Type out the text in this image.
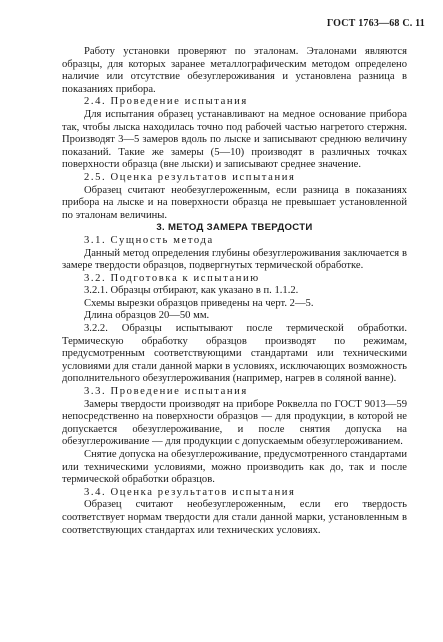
ГОСТ 1763—68 С. 11

Работу установки проверяют по эталонам. Эталонами являются образцы, для которых заранее металлографическим методом определено наличие или отсутствие обезуглероживания и установлена разница в показаниях прибора.

2.4. Проведение испытания

Для испытания образец устанавливают на медное основание прибора так, чтобы лыска находилась точно под рабочей частью нагретого стержня. Производят 3—5 замеров вдоль по лыске и записывают среднюю величину показаний. Такие же замеры (5—10) производят в различных точках поверхности образца (вне лыски) и записывают среднее значение.

2.5. Оценка результатов испытания

Образец считают необезуглероженным, если разница в показаниях прибора на лыске и на поверхности образца не превышает установленной по эталонам величины.

3. МЕТОД ЗАМЕРА ТВЕРДОСТИ

3.1. Сущность метода

Данный метод определения глубины обезуглероживания заключается в замере твердости образцов, подвергнутых термической обработке.

3.2. Подготовка к испытанию

3.2.1. Образцы отбирают, как указано в п. 1.1.2.

Схемы вырезки образцов приведены на черт. 2—5.

Длина образцов 20—50 мм.

3.2.2. Образцы испытывают после термической обработки. Термическую обработку образцов производят по режимам, предусмотренным соответствующими стандартами или техническими условиями для стали данной марки в условиях, исключающих возможность дополнительного обезуглероживания (например, нагрев в соляной ванне).

3.3. Проведение испытания

Замеры твердости производят на приборе Роквелла по ГОСТ 9013—59 непосредственно на поверхности образцов — для продукции, в которой не допускается обезуглероживание, и после снятия допуска на обезуглероживание — для продукции с допускаемым обезуглероживанием.

Снятие допуска на обезуглероживание, предусмотренного стандартами или техническими условиями, можно производить как до, так и после термической обработки образцов.

3.4. Оценка результатов испытания

Образец считают необезуглероженным, если его твердость соответствует нормам твердости для стали данной марки, установленным в соответствующих стандартах или технических условиях.
